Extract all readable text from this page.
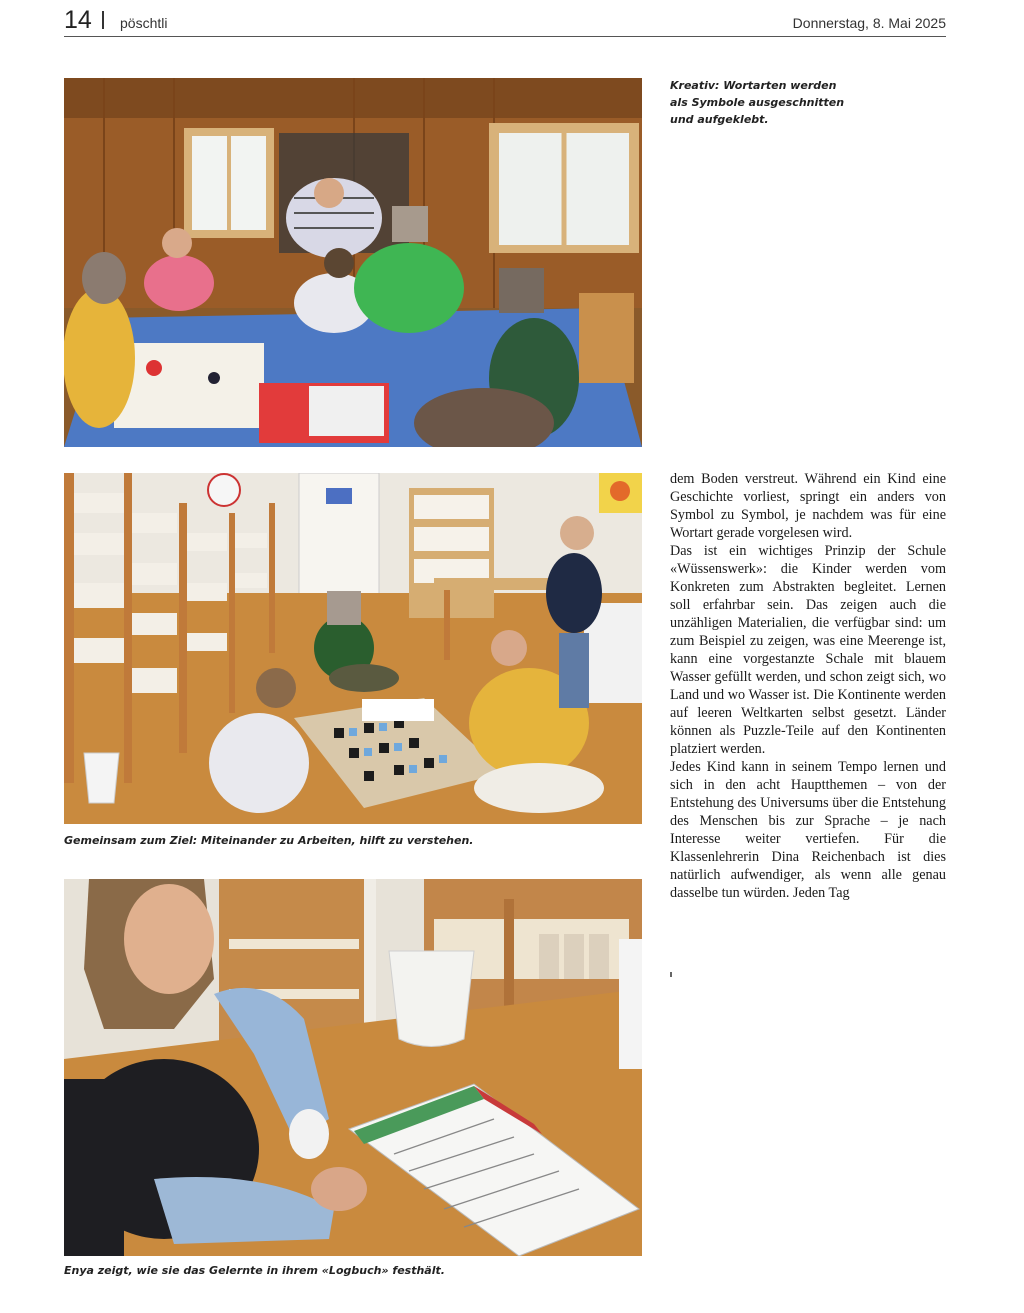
14 pöschtli	Donnerstag, 8. Mai 2025
Kreativ: Wortarten werden als Symbole ausgeschnitten und aufgeklebt.
Gemeinsam zum Ziel: Miteinander zu Arbeiten, hilft zu verstehen.
Enya zeigt, wie sie das Gelernte in ihrem «Logbuch» festhält.

dem Boden verstreut. Während ein Kind eine Geschichte vorliest, springt ein anders von Symbol zu Symbol, je nachdem was für eine Wortart gerade vorgelesen wird.

Das ist ein wichtiges Prinzip der Schule «Wüssenswerk»: die Kinder werden vom Konkreten zum Abstrakten begleitet. Lernen soll erfahrbar sein. Das zeigen auch die unzähligen Materialien, die verfügbar sind: um zum Beispiel zu zeigen, was eine Meerenge ist, kann eine vorgestanzte Schale mit blauem Wasser gefüllt werden, und schon zeigt sich, wo Land und wo Wasser ist. Die Kontinente werden auf leeren Weltkarten selbst gesetzt. Länder können als Puzzle-Teile auf den Kontinenten platziert werden.

Jedes Kind kann in seinem Tempo lernen und sich in den acht Hauptthemen – von der Entstehung des Universums über die Entstehung des Menschen bis zur Sprache – je nach Interesse weiter vertiefen. Für die Klassenlehrerin Dina Reichenbach ist dies natürlich aufwendiger, als wenn alle genau dasselbe tun würden. Jeden Tag
